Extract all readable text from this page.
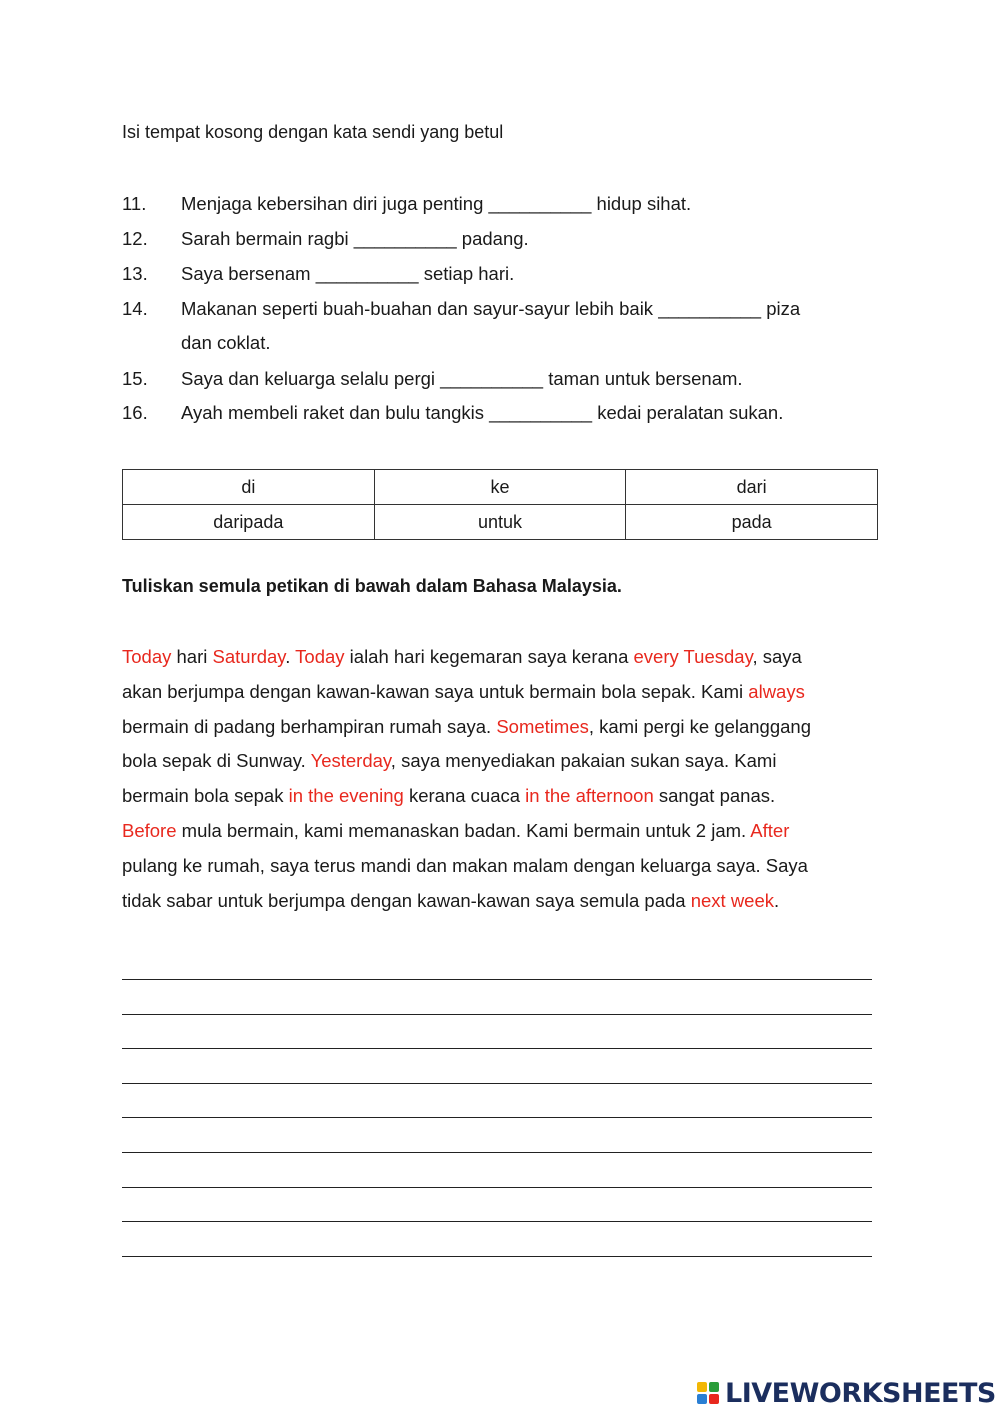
Isi tempat kosong dengan kata sendi yang betul
11. Menjaga kebersihan diri juga penting __________ hidup sihat.
12. Sarah bermain ragbi __________ padang.
13. Saya bersenam __________ setiap hari.
14. Makanan seperti buah-buahan dan sayur-sayur lebih baik __________ piza
dan coklat.
15. Saya dan keluarga selalu pergi __________ taman untuk bersenam.
16. Ayah membeli raket dan bulu tangkis __________ kedai peralatan sukan.
di	ke	dari
daripada	untuk	pada
Tuliskan semula petikan di bawah dalam Bahasa Malaysia.
Today hari Saturday. Today ialah hari kegemaran saya kerana every Tuesday, saya
akan berjumpa dengan kawan-kawan saya untuk bermain bola sepak. Kami always
bermain di padang berhampiran rumah saya. Sometimes, kami pergi ke gelanggang
bola sepak di Sunway. Yesterday, saya menyediakan pakaian sukan saya. Kami
bermain bola sepak in the evening kerana cuaca in the afternoon sangat panas.
Before mula bermain, kami memanaskan badan. Kami bermain untuk 2 jam. After
pulang ke rumah, saya terus mandi dan makan malam dengan keluarga saya. Saya
tidak sabar untuk berjumpa dengan kawan-kawan saya semula pada next week.
LIVEWORKSHEETS
